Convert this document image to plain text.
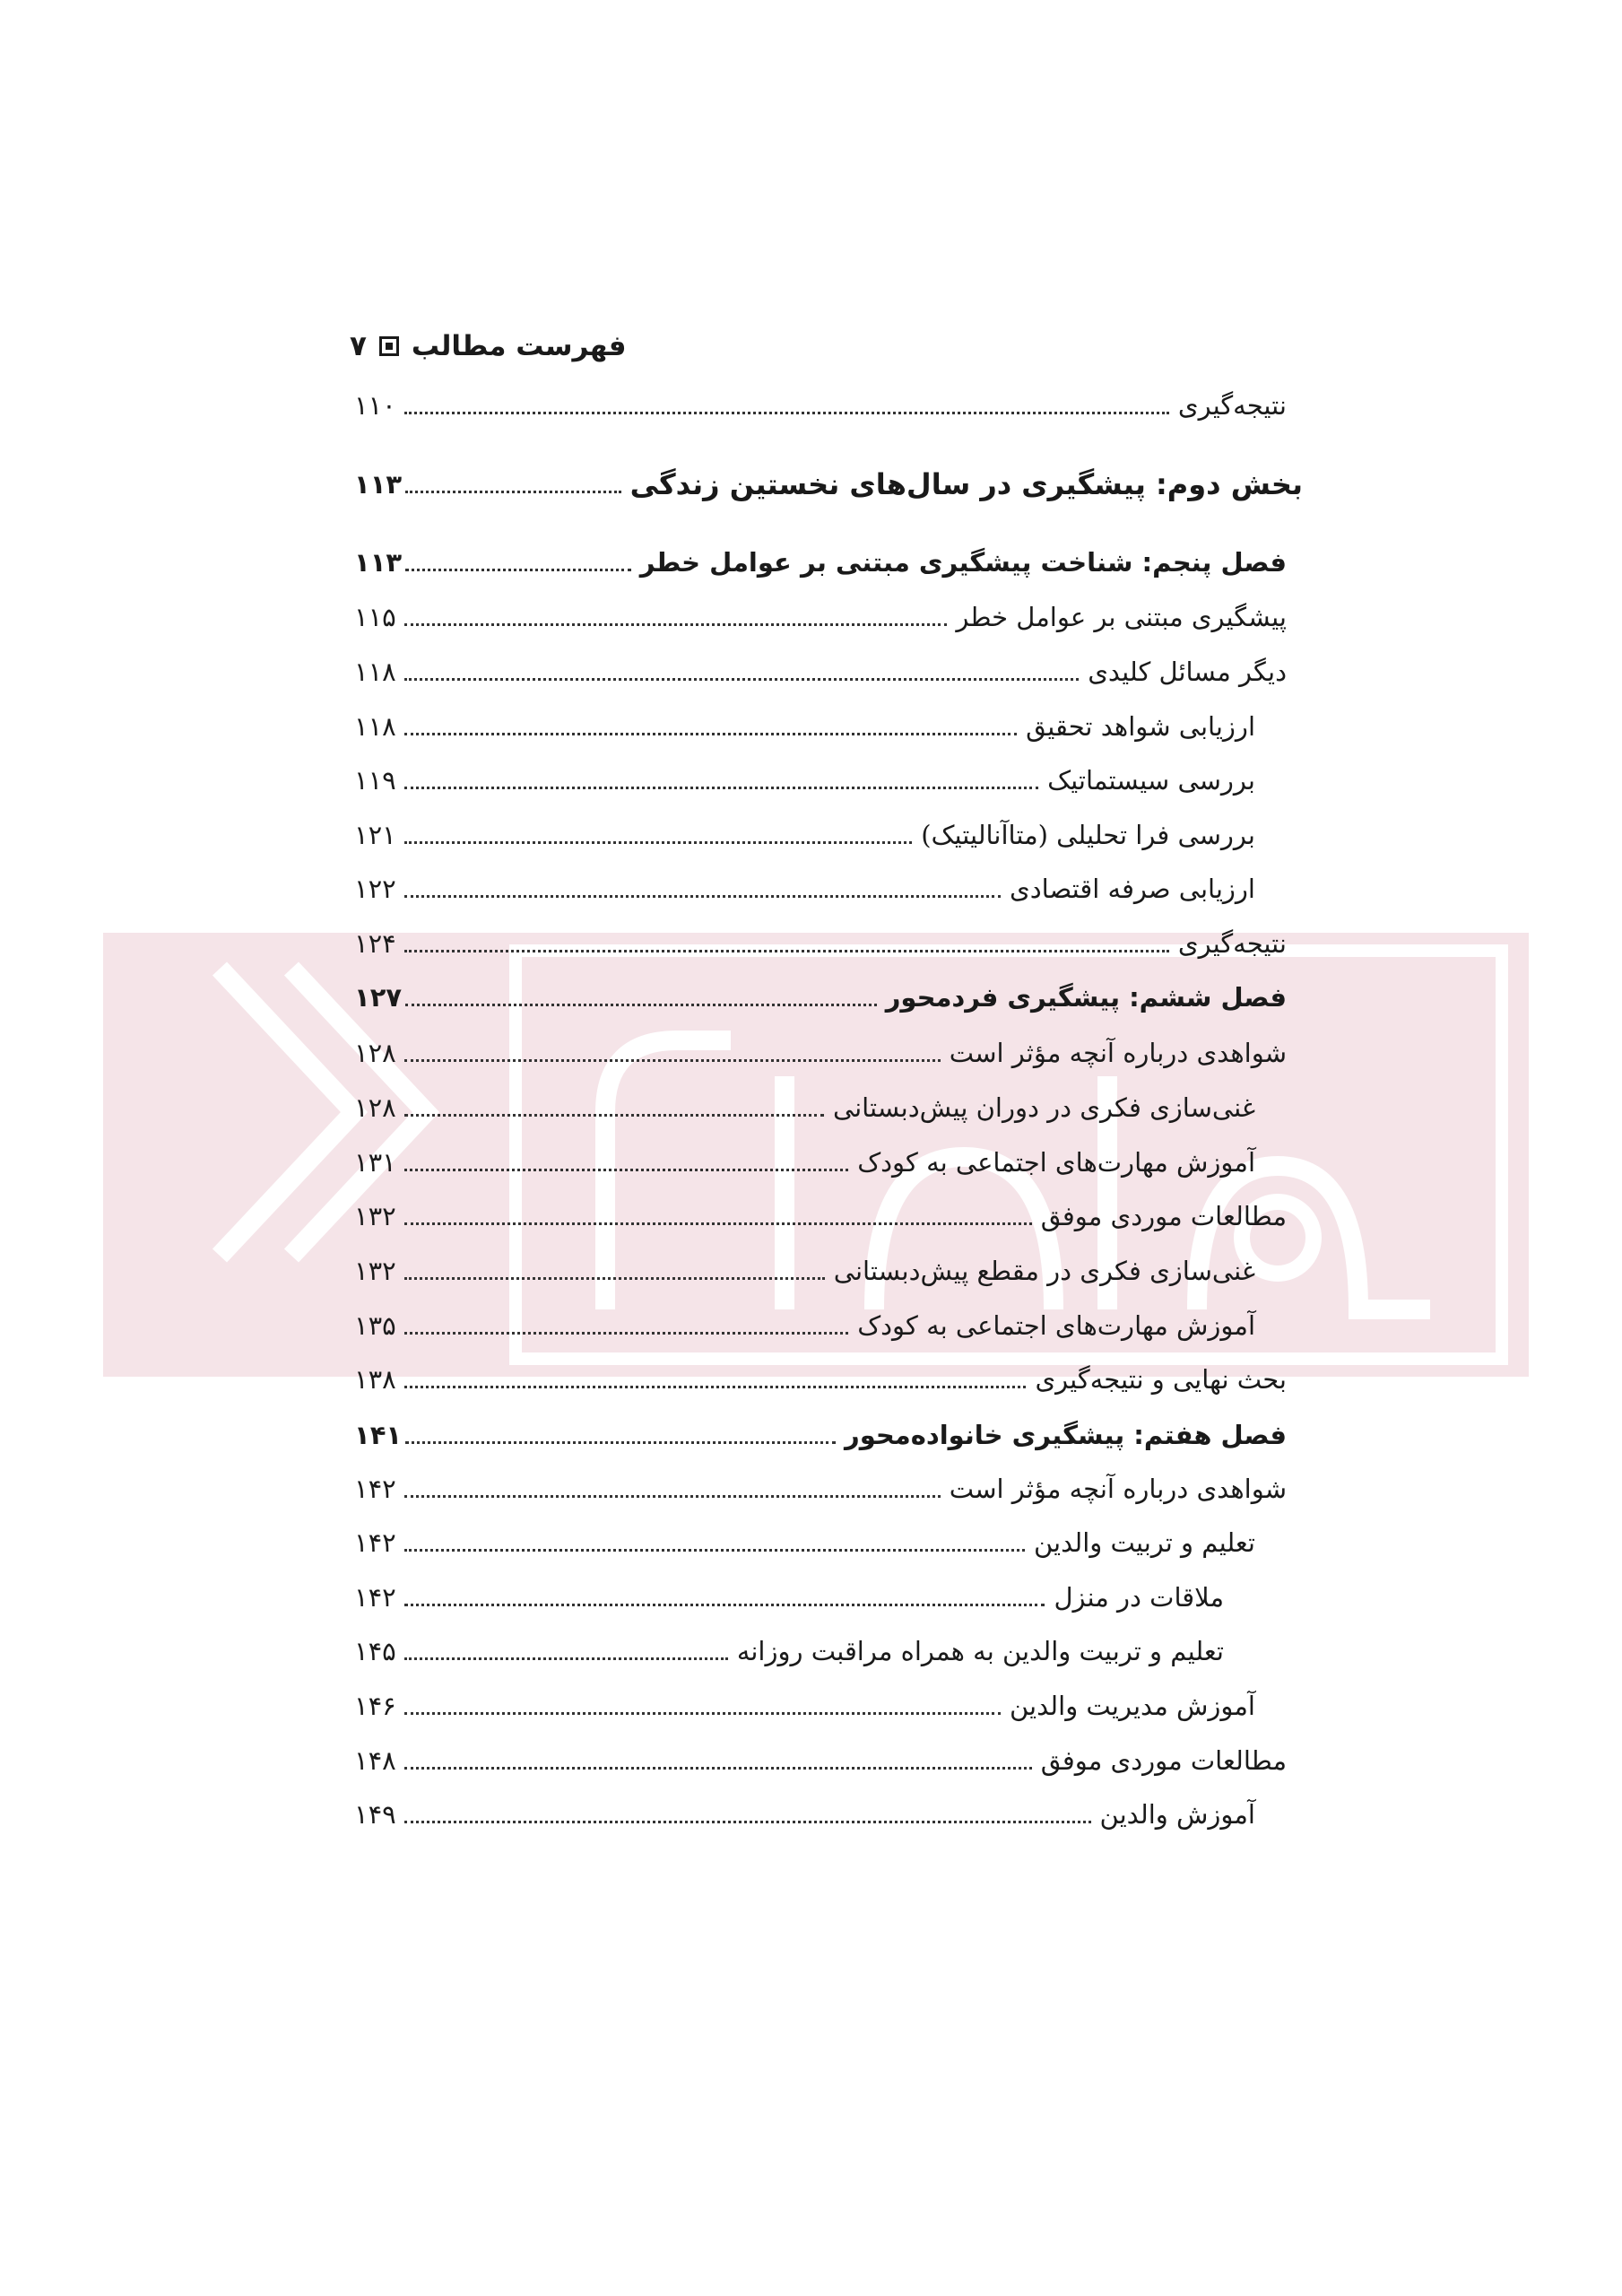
۷ فهرست مطالب
نتیجه‌گیری
۱۱۰
بخش دوم: پیشگیری در سال‌های نخستین زندگی
۱۱۳
فصل پنجم: شناخت پیشگیری مبتنی بر عوامل خطر
۱۱۳
پیشگیری مبتنی بر عوامل خطر
۱۱۵
دیگر مسائل کلیدی
۱۱۸
ارزیابی شواهد تحقیق
۱۱۸
بررسی سیستماتیک
۱۱۹
بررسی فرا تحلیلی (متاآنالیتیک)
۱۲۱
ارزیابی صرفه اقتصادی
۱۲۲
نتیجه‌گیری
۱۲۴
فصل ششم: پیشگیری فردمحور
۱۲۷
شواهدی درباره آنچه مؤثر است
۱۲۸
غنی‌سازی فکری در دوران پیش‌دبستانی
۱۲۸
آموزش مهارت‌های اجتماعی به کودک
۱۳۱
مطالعات موردی موفق
۱۳۲
غنی‌سازی فکری در مقطع پیش‌دبستانی
۱۳۲
آموزش مهارت‌های اجتماعی به کودک
۱۳۵
بحث نهایی و نتیجه‌گیری
۱۳۸
فصل هفتم: پیشگیری خانواده‌محور
۱۴۱
شواهدی درباره آنچه مؤثر است
۱۴۲
تعلیم و تربیت والدین
۱۴۲
ملاقات در منزل
۱۴۲
تعلیم و تربیت والدین به همراه مراقبت روزانه
۱۴۵
آموزش مدیریت والدین
۱۴۶
مطالعات موردی موفق
۱۴۸
آموزش والدین
۱۴۹
